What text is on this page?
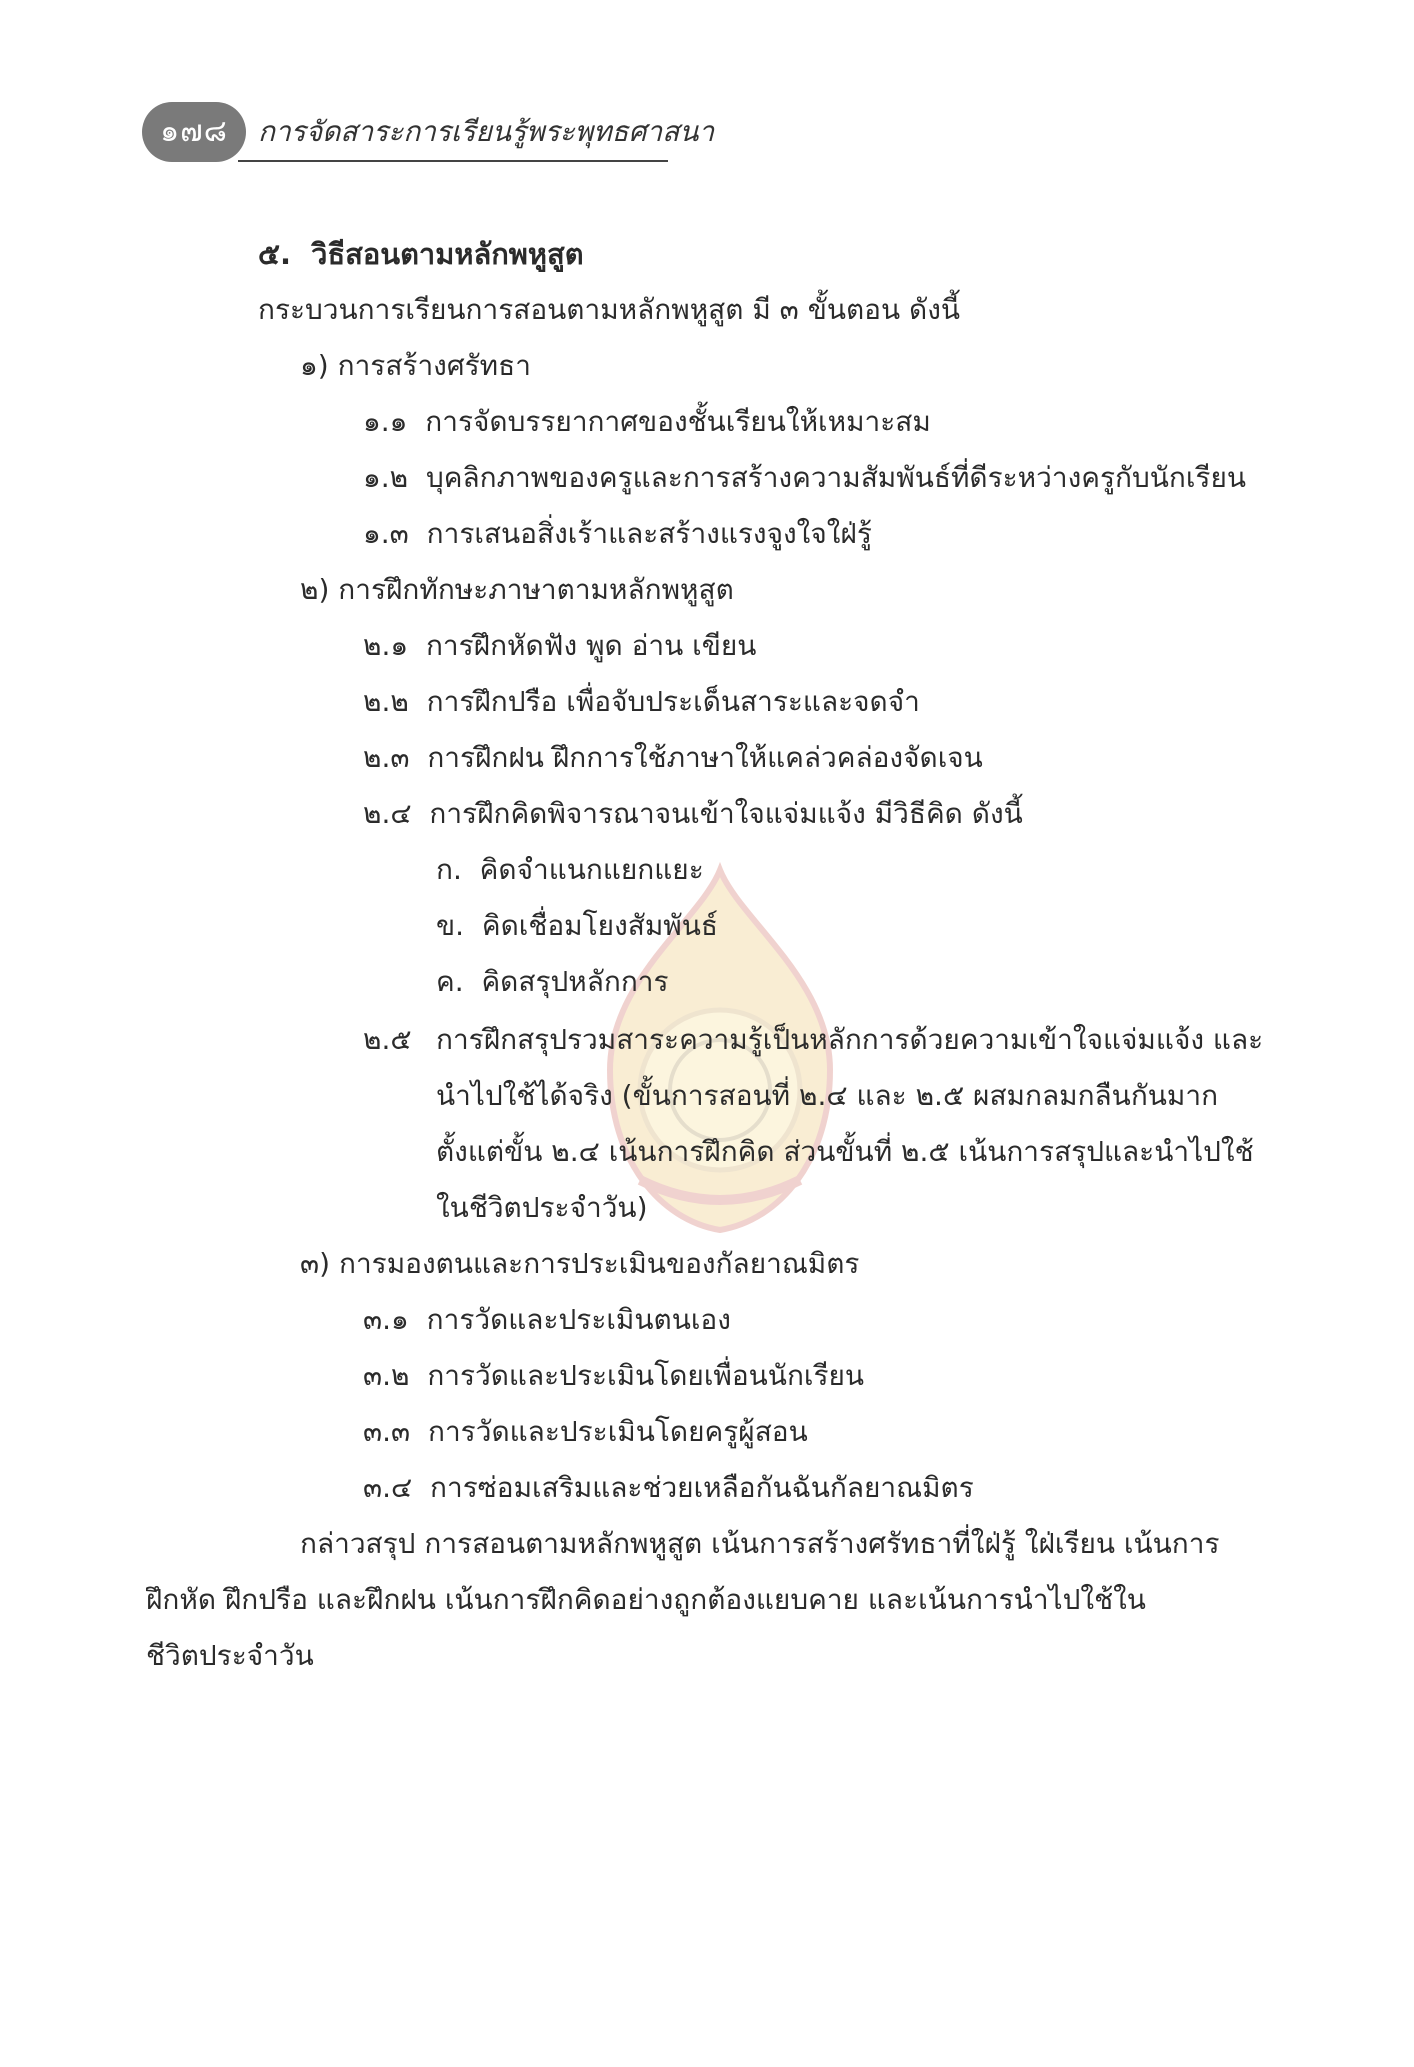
๑๗๘	การจัดสาระการเรียนรู้พระพุทธศาสนา
๕. วิธีสอนตามหลักพหูสูต
กระบวนการเรียนการสอนตามหลักพหูสูต มี ๓ ขั้นตอน ดังนี้
๑) การสร้างศรัทธา
๑.๑ การจัดบรรยากาศของชั้นเรียนให้เหมาะสม
๑.๒ บุคลิกภาพของครูและการสร้างความสัมพันธ์ที่ดีระหว่างครูกับนักเรียน
๑.๓ การเสนอสิ่งเร้าและสร้างแรงจูงใจใฝ่รู้
๒) การฝึกทักษะภาษาตามหลักพหูสูต
๒.๑ การฝึกหัดฟัง พูด อ่าน เขียน
๒.๒ การฝึกปรือ เพื่อจับประเด็นสาระและจดจำ
๒.๓ การฝึกฝน ฝึกการใช้ภาษาให้แคล่วคล่องจัดเจน
๒.๔ การฝึกคิดพิจารณาจนเข้าใจแจ่มแจ้ง มีวิธีคิด ดังนี้
ก. คิดจำแนกแยกแยะ
ข. คิดเชื่อมโยงสัมพันธ์
ค. คิดสรุปหลักการ
๒.๕ การฝึกสรุปรวมสาระความรู้เป็นหลักการด้วยความเข้าใจแจ่มแจ้ง และ
นำไปใช้ได้จริง (ขั้นการสอนที่ ๒.๔ และ ๒.๕ ผสมกลมกลืนกันมาก
ตั้งแต่ขั้น ๒.๔ เน้นการฝึกคิด ส่วนขั้นที่ ๒.๕ เน้นการสรุปและนำไปใช้
ในชีวิตประจำวัน)
๓) การมองตนและการประเมินของกัลยาณมิตร
๓.๑ การวัดและประเมินตนเอง
๓.๒ การวัดและประเมินโดยเพื่อนนักเรียน
๓.๓ การวัดและประเมินโดยครูผู้สอน
๓.๔ การซ่อมเสริมและช่วยเหลือกันฉันกัลยาณมิตร
กล่าวสรุป การสอนตามหลักพหูสูต เน้นการสร้างศรัทธาที่ใฝ่รู้ ใฝ่เรียน เน้นการ
ฝึกหัด ฝึกปรือ และฝึกฝน เน้นการฝึกคิดอย่างถูกต้องแยบคาย และเน้นการนำไปใช้ใน
ชีวิตประจำวัน
